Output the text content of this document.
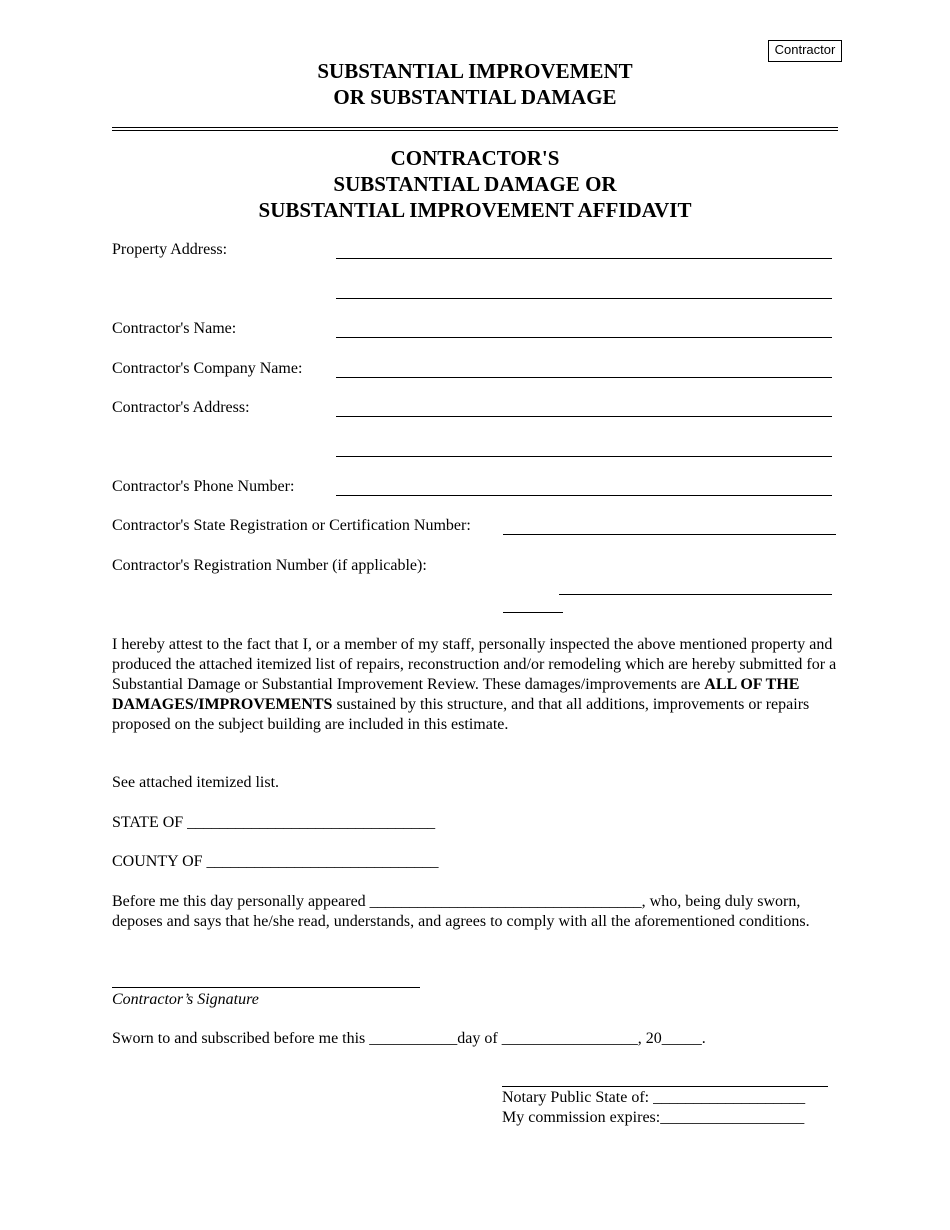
Contractor
SUBSTANTIAL IMPROVEMENT
OR SUBSTANTIAL DAMAGE
CONTRACTOR'S
SUBSTANTIAL DAMAGE OR
SUBSTANTIAL IMPROVEMENT AFFIDAVIT
Property Address:
Contractor's Name:
Contractor's Company Name:
Contractor's Address:
Contractor's Phone Number:
Contractor's State Registration or Certification Number:
Contractor's Registration Number (if applicable):
I hereby attest to the fact that I, or a member of my staff, personally inspected the above mentioned property and produced the attached itemized list of repairs, reconstruction and/or remodeling which are hereby submitted for a Substantial Damage or Substantial Improvement Review. These damages/improvements are ALL OF THE DAMAGES/IMPROVEMENTS sustained by this structure, and that all additions, improvements or repairs proposed on the subject building are included in this estimate.
See attached itemized list.
STATE OF _______________________________
COUNTY OF _____________________________
Before me this day personally appeared __________________________________, who, being duly sworn, deposes and says that he/she read, understands, and agrees to comply with all the aforementioned conditions.
Contractor’s Signature
Sworn to and subscribed before me this ___________day of _________________, 20_____.
Notary Public State of: ___________________
My commission expires:__________________
